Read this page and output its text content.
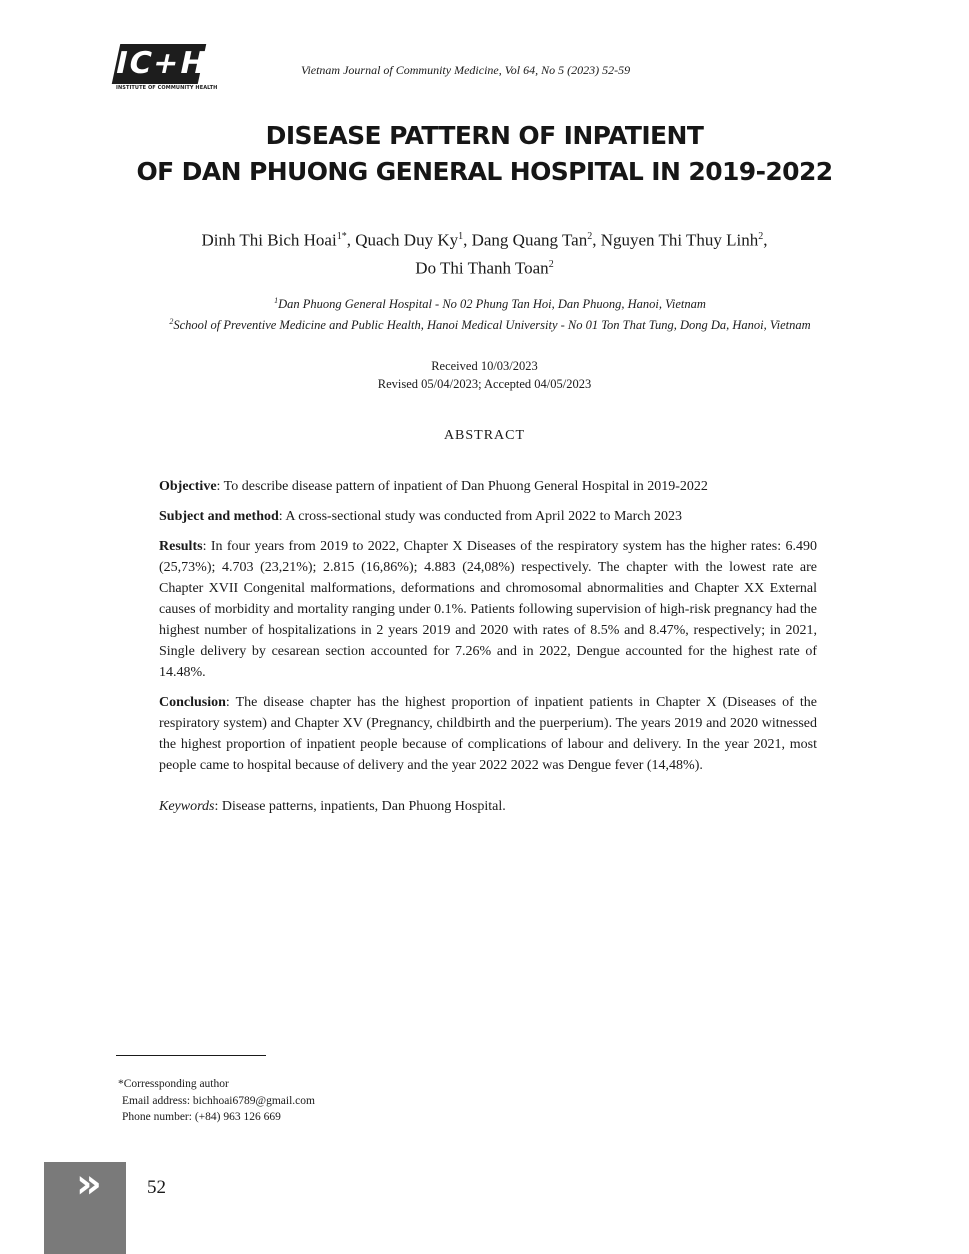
IC+H
INSTITUTE OF COMMUNITY HEALTH
Vietnam Journal of Community Medicine, Vol 64, No 5 (2023) 52-59
DISEASE PATTERN OF INPATIENT
OF DAN PHUONG GENERAL HOSPITAL IN 2019-2022
Dinh Thi Bich Hoai$^{1*}$, Quach Duy Ky$^1$, Dang Quang Tan$^2$, Nguyen Thi Thuy Linh$^2$,
Do Thi Thanh Toan$^2$
$^1$Dan Phuong General Hospital - No 02 Phung Tan Hoi, Dan Phuong, Hanoi, Vietnam
$^2$School of Preventive Medicine and Public Health, Hanoi Medical University - No 01 Ton That Tung, Dong Da, Hanoi, Vietnam
Received 10/03/2023
Revised 05/04/2023; Accepted 04/05/2023
ABSTRACT

Objective: To describe disease pattern of inpatient of Dan Phuong General Hospital in 2019-2022

Subject and method: A cross-sectional study was conducted from April 2022 to March 2023

Results: In four years from 2019 to 2022, Chapter X Diseases of the respiratory system has the higher rates: 6.490 (25,73%); 4.703 (23,21%); 2.815 (16,86%); 4.883 (24,08%) respectively. The chapter with the lowest rate are Chapter XVII Congenital malformations, deformations and chromosomal abnormalities and Chapter XX External causes of morbidity and mortality ranging under 0.1%. Patients following supervision of high-risk pregnancy had the highest number of hospitalizations in 2 years 2019 and 2020 with rates of 8.5% and 8.47%, respectively; in 2021, Single delivery by cesarean section accounted for 7.26% and in 2022, Dengue accounted for the highest rate of 14.48%.

Conclusion: The disease chapter has the highest proportion of inpatient patients in Chapter X (Diseases of the respiratory system) and Chapter XV (Pregnancy, childbirth and the puerperium). The years 2019 and 2020 witnessed the highest proportion of inpatient people because of complications of labour and delivery. In the year 2021, most people came to hospital because of delivery and the year 2022 2022 was Dengue fever (14,48%).

Keywords: Disease patterns, inpatients, Dan Phuong Hospital.

*Corressponding author
Email address: bichhoai6789@gmail.com
Phone number: (+84) 963 126 669
»	52
